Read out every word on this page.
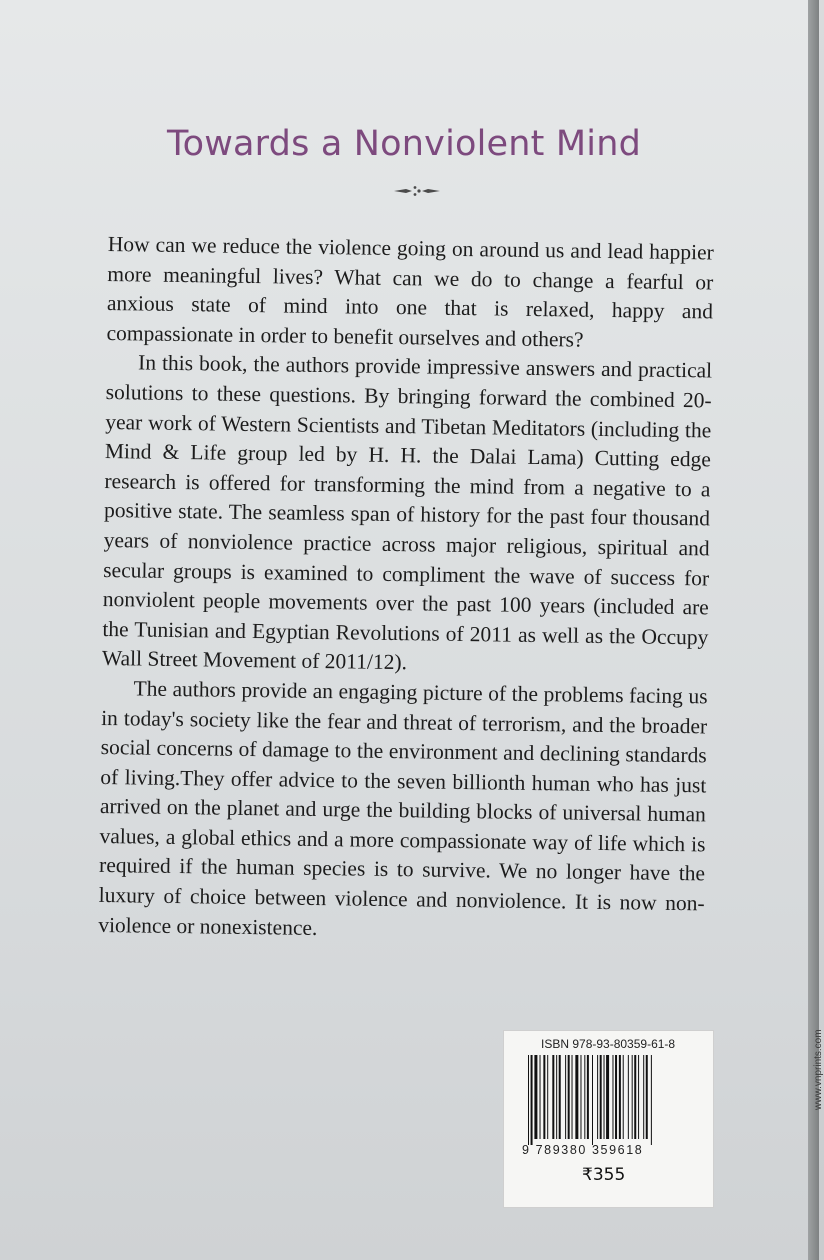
Towards a Nonviolent Mind

How can we reduce the violence going on around us and lead happier more meaningful lives? What can we do to change a fearful or anxious state of mind into one that is relaxed, happy and compassionate in order to benefit ourselves and others?

In this book, the authors provide impressive answers and practical solutions to these questions. By bringing forward the combined 20-year work of Western Scientists and Tibetan Meditators (including the Mind & Life group led by H. H. the Dalai Lama) Cutting edge research is offered for transforming the mind from a negative to a positive state. The seamless span of history for the past four thousand years of nonviolence practice across major religious, spiritual and secular groups is examined to compliment the wave of success for nonviolent people movements over the past 100 years (included are the Tunisian and Egyptian Revolutions of 2011 as well as the Occupy Wall Street Movement of 2011/12).

The authors provide an engaging picture of the problems facing us in today's society like the fear and threat of terrorism, and the broader social concerns of damage to the environment and declining standards of living.They offer advice to the seven billionth human who has just arrived on the planet and urge the building blocks of universal human values, a global ethics and a more compassionate way of life which is required if the human species is to survive. We no longer have the luxury of choice between violence and nonviolence. It is now non-violence or nonexistence.

ISBN 978-93-80359-61-8
9 789380 359618
₹355
www.vnprints.com
